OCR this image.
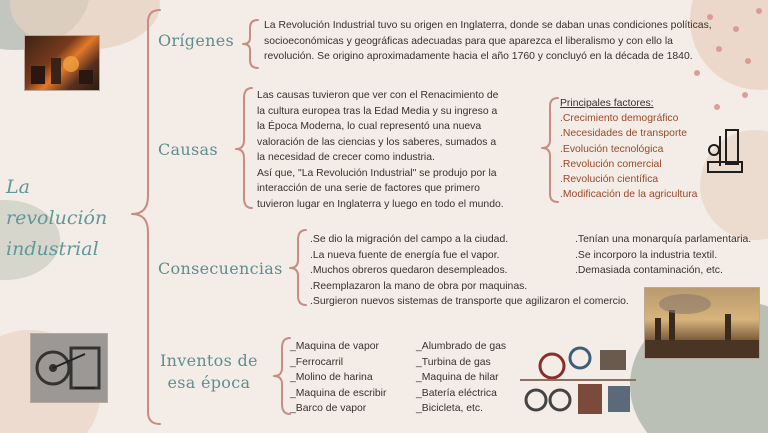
La
revolución
industrial
Orígenes
Causas
Consecuencias
Inventos de
esa época
La Revolución Industrial tuvo su origen en Inglaterra, donde se daban unas condiciones políticas,
socioeconómicas y geográficas adecuadas para que aparezca el liberalismo y con ello la
revolución. Se origino aproximadamente hacia el año 1760 y concluyó en la década de 1840.
Las causas tuvieron que ver con el Renacimiento de
la cultura europea tras la Edad Media y su ingreso a
la Época Moderna, lo cual representó una nueva
valoración de las ciencias y los saberes, sumados a
la necesidad de crecer como industria.
Así que, "La Revolución Industrial" se produjo por la
interacción de una serie de factores que primero
tuvieron lugar en Inglaterra y luego en todo el mundo.
Principales factores:
.Crecimiento demográfico
.Necesidades de transporte
.Evolución tecnológica
.Revolución comercial
.Revolución científica
.Modificación de la agricultura
.Se dio la migración del campo a la ciudad.
.La nueva fuente de energía fue el vapor.
.Muchos obreros quedaron desempleados.
.Reemplazaron la mano de obra por maquinas.
.Surgieron nuevos sistemas de transporte que agilizaron el comercio.
.Tenían una monarquía parlamentaria.
.Se incorporo la industria textil.
.Demasiada contaminación, etc.
_Maquina de vapor
_Ferrocarril
_Molino de harina
_Maquina de escribir
_Barco de vapor
_Alumbrado de gas
_Turbina de gas
_Maquina de hilar
_Batería eléctrica
_Bicicleta, etc.
